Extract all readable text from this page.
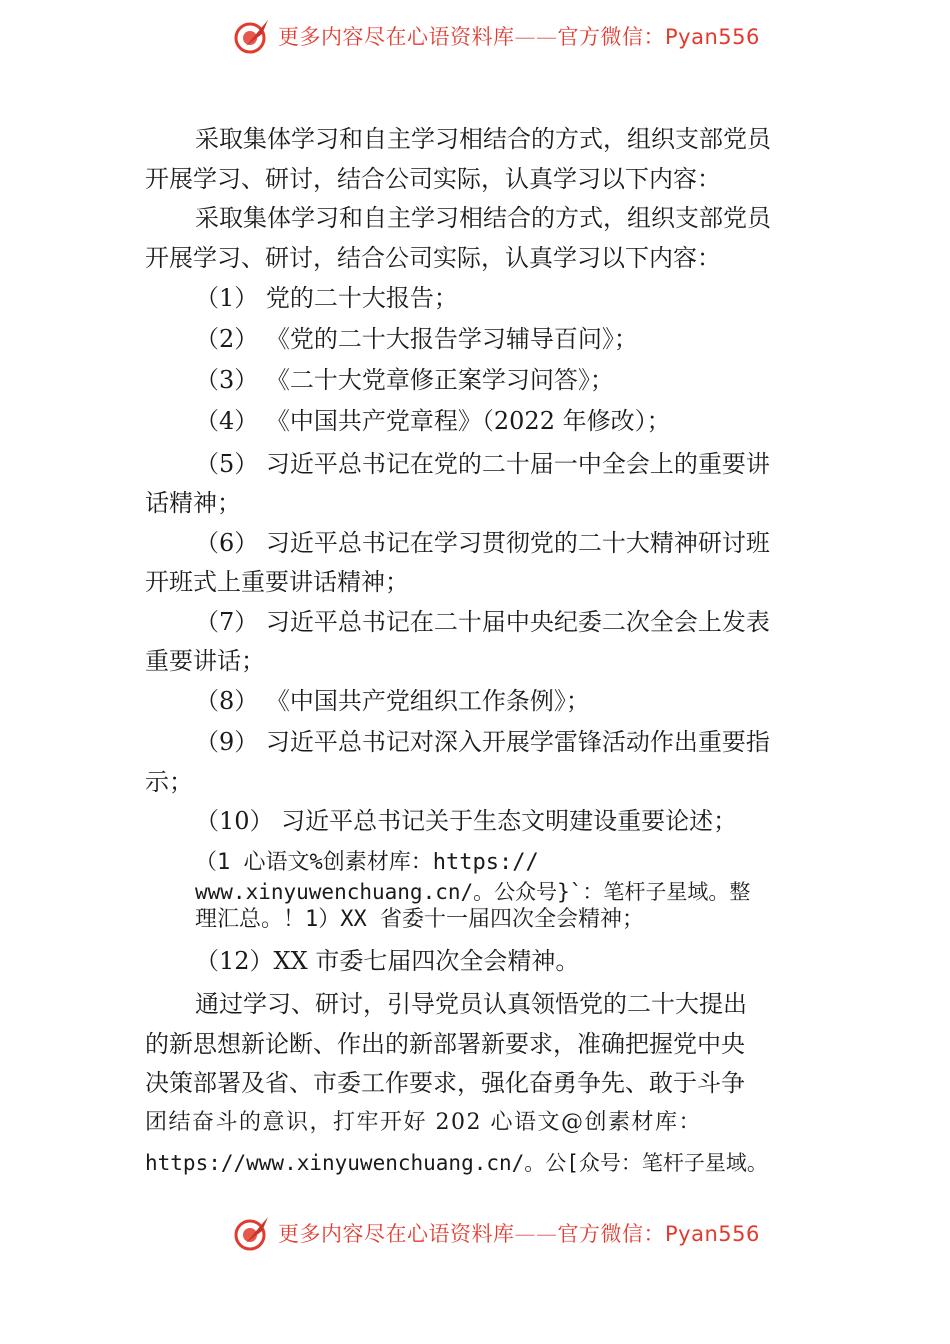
更多内容尽在心语资料库——官方微信：Pyan556
采取集体学习和自主学习相结合的方式，组织支部党员
开展学习、研讨，结合公司实际，认真学习以下内容：
采取集体学习和自主学习相结合的方式，组织支部党员
开展学习、研讨，结合公司实际，认真学习以下内容：
（1） 党的二十大报告；
（2） 《党的二十大报告学习辅导百问》；
（3） 《二十大党章修正案学习问答》；
（4） 《中国共产党章程》（2022 年修改）；
（5） 习近平总书记在党的二十届一中全会上的重要讲
话精神；
（6） 习近平总书记在学习贯彻党的二十大精神研讨班
开班式上重要讲话精神；
（7） 习近平总书记在二十届中央纪委二次全会上发表
重要讲话；
（8） 《中国共产党组织工作条例》；
（9） 习近平总书记对深入开展学雷锋活动作出重要指
示；
（10） 习近平总书记关于生态文明建设重要论述；
（1 心语文%创素材库：https://
www.xinyuwenchuang.cn/。公众号}`：笔杆子星域。整
理汇总。！1）XX 省委十一届四次全会精神；
（12）XX 市委七届四次全会精神。
通过学习、研讨，引导党员认真领悟党的二十大提出
的新思想新论断、作出的新部署新要求，准确把握党中央
决策部署及省、市委工作要求，强化奋勇争先、敢于斗争
团结奋斗的意识，打牢开好 202 心语文@创素材库：
https://www.xinyuwenchuang.cn/。公[众号：笔杆子星域。
更多内容尽在心语资料库——官方微信：Pyan556
